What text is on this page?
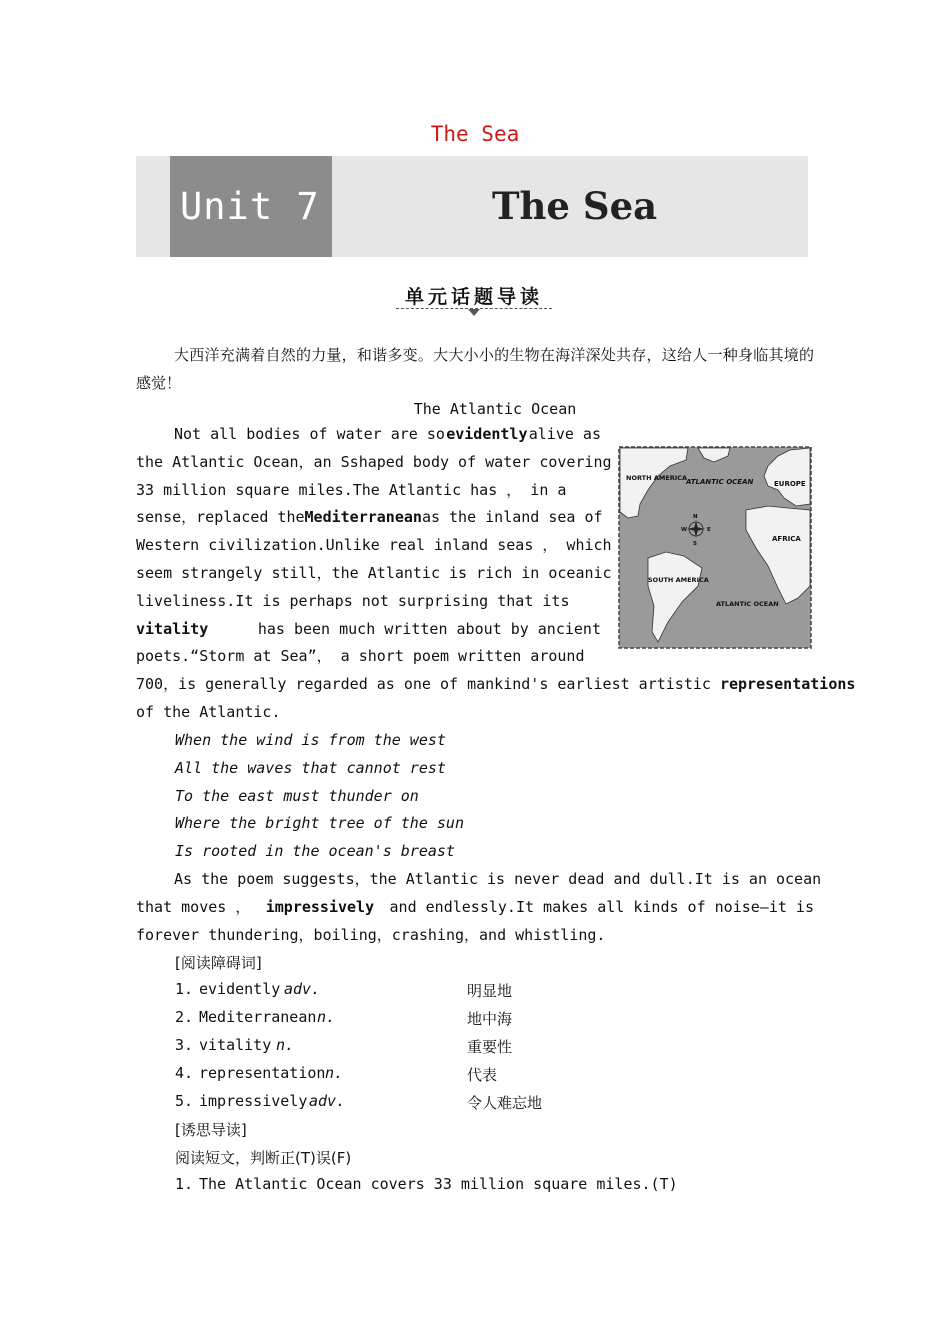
The Sea
Unit 7	The Sea
单元话题导读
大西洋充满着自然的力量，和谐多变。大大小小的生物在海洋深处共存，这给人一种身临其境的感觉！
The Atlantic Ocean
NORTH AMERICA ATLANTIC OCEAN	EUROPE
AFRICA
SOUTH AMERICA
ATLANTIC OCEAN
N
W	E
S
Not all bodies of water are so evidently alive as
the Atlantic Ocean，an Sshaped body of water covering
33 million square miles.The Atlantic has ， in a
sense，replaced the Mediterranean as the inland sea of
Western civilization.Unlike real inland seas ， which
seem strangely still，the Atlantic is rich in oceanic
liveliness.It is perhaps not surprising that its
vitality	has been much written about by ancient
poets.“Storm at Sea”， a short poem written around
700，is generally regarded as one of mankind's earliest artistic representations
of the Atlantic.
When the wind is from the west
All the waves that cannot rest
To the east must thunder on
Where the bright tree of the sun
Is rooted in the ocean's breast
As the poem suggests，the Atlantic is never dead and dull.It is an ocean
that moves ， impressively and endlessly.It makes all kinds of noise—it is
forever thundering，boiling，crashing，and whistling.
[阅读障碍词]
1. evidently adv.	明显地
2. Mediterranean n.	地中海
3. vitality n.	重要性
4. representation n.	代表
5. impressively adv.	令人难忘地
[诱思导读]
阅读短文，判断正(T)误(F)
1. The Atlantic Ocean covers 33 million square miles.(T)
